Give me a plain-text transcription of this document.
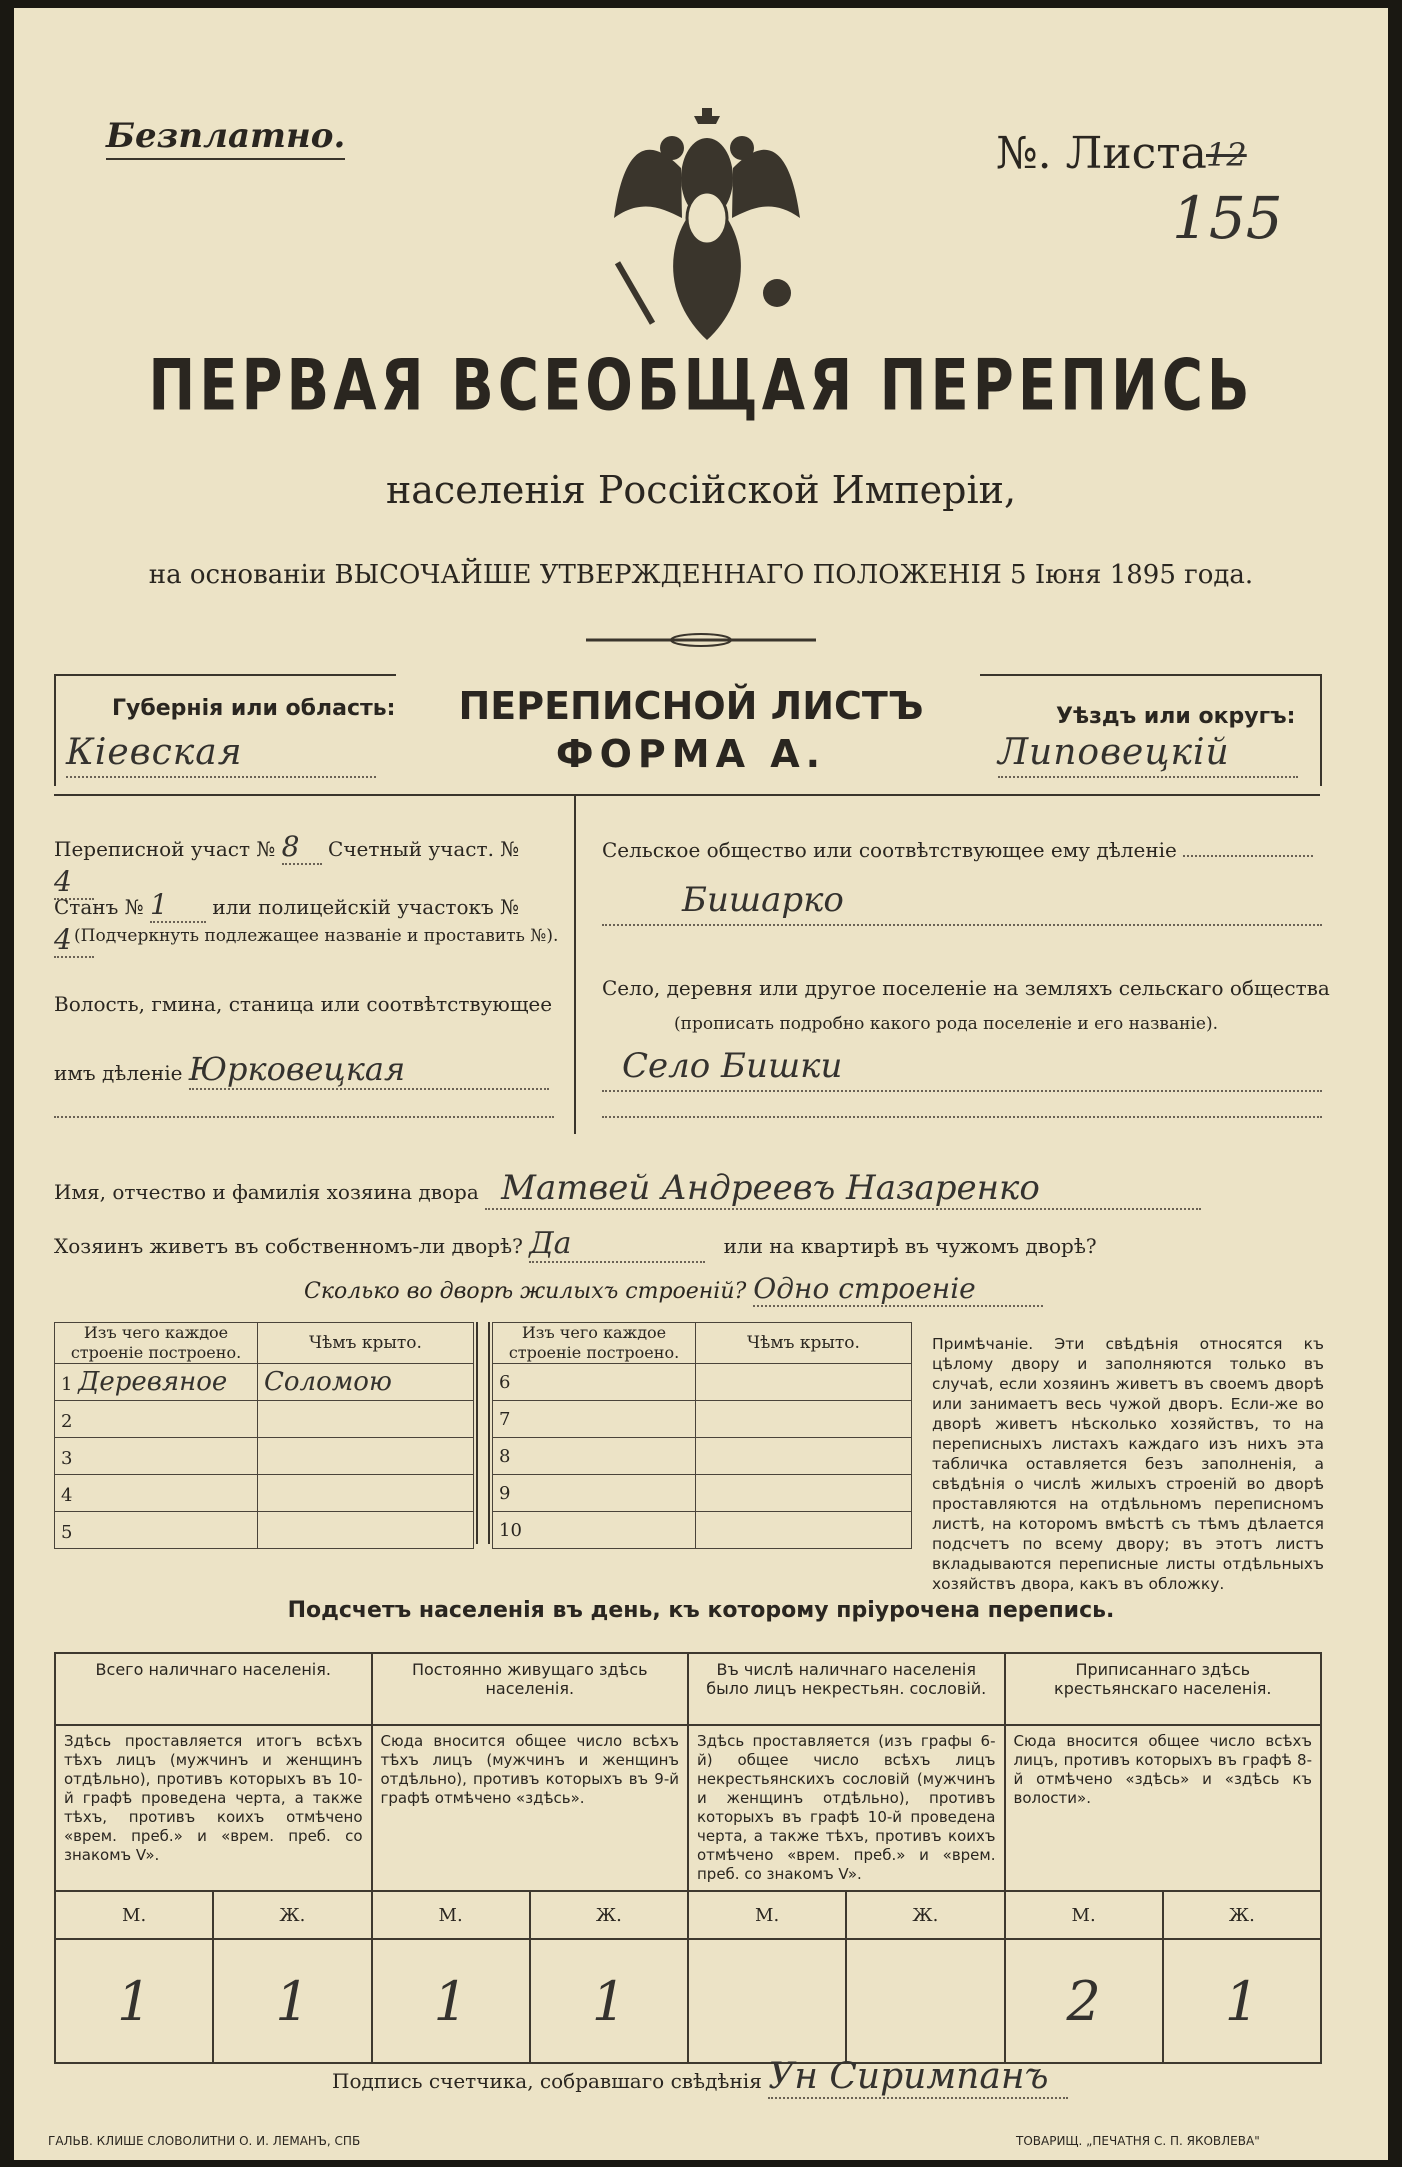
Безплатно.	№. Листа 12
155
ПЕРВАЯ ВСЕОБЩАЯ ПЕРЕПИСЬ
населенія Россійской Имперіи,
на основаніи ВЫСОЧАЙШЕ УТВЕРЖДЕННАГО ПОЛОЖЕНІЯ 5 Іюня 1895 года.
Губернія или область:
Кіевская
ПЕРЕПИСНОЙ ЛИСТЪ
ФОРМА А.
Уѣздъ или округъ:
Липовецкій
Переписной участ № 8 Счетный участ. № 4
Станъ № 1 или полицейскій участокъ № 4 (Подчеркнуть подлежащее названіе и проставить №).
Волость, гмина, станица или соотвѣтствующее
имъ дѣленіе Юрковецкая
Сельское общество или соотвѣтствующее ему дѣленіе
Бишарко
Село, деревня или другое поселеніе на земляхъ сельскаго общества
(прописать подробно какого рода поселеніе и его названіе).
Село Бишки
Имя, отчество и фамилія хозяина двора Матвей Андреевъ Назаренко
Хозяинъ живетъ въ собственномъ-ли дворѣ? Да	или на квартирѣ въ чужомъ дворѣ?
Сколько во дворѣ жилыхъ строеній? Одно строеніе
Изъ чего каждое строеніе построено.	Чѣмъ крыто.
1 Деревяное	Соломою
2	
3	
4	
5	
Изъ чего каждое строеніе построено.	Чѣмъ крыто.
6	
7	
8	
9	
10	
Примѣчаніе. Эти свѣдѣнія относятся къ цѣлому двору и заполняются только въ случаѣ, если хозяинъ живетъ въ своемъ дворѣ или занимаетъ весь чужой дворъ. Если-же во дворѣ живетъ нѣсколько хозяйствъ, то на переписныхъ листахъ каждаго изъ нихъ эта табличка оставляется безъ заполненія, а свѣдѣнія о числѣ жилыхъ строеній во дворѣ проставляются на отдѣльномъ переписномъ листѣ, на которомъ вмѣстѣ съ тѣмъ дѣлается подсчетъ по всему двору; въ этотъ листъ вкладываются переписные листы отдѣльныхъ хозяйствъ двора, какъ въ обложку.
Подсчетъ населенія въ день, къ которому пріурочена перепись.
Всего наличнаго населенія.		Постоянно живущаго здѣсь населенія.		Въ числѣ наличнаго населенія было лицъ некрестьян. сословій.		Приписаннаго здѣсь крестьянскаго населенія.	
Здѣсь проставляется итогъ всѣхъ тѣхъ лицъ (мужчинъ и женщинъ отдѣльно), противъ которыхъ въ 10-й графѣ проведена черта, а также тѣхъ, противъ коихъ отмѣчено «врем. преб.» и «врем. преб. со знакомъ V».		Сюда вносится общее число всѣхъ тѣхъ лицъ (мужчинъ и женщинъ отдѣльно), противъ которыхъ въ 9-й графѣ отмѣчено «здѣсь».		Здѣсь проставляется (изъ графы 6-й) общее число всѣхъ лицъ некрестьянскихъ сословій (мужчинъ и женщинъ отдѣльно), противъ которыхъ въ графѣ 10-й проведена черта, а также тѣхъ, противъ коихъ отмѣчено «врем. преб.» и «врем. преб. со знакомъ V».		Сюда вносится общее число всѣхъ лицъ, противъ которыхъ въ графѣ 8-й отмѣчено «здѣсь» и «здѣсь къ волости».	
М.	Ж.	М.	Ж.	М.	Ж.	М.	Ж.
1	1	1	1			2	1
Подпись счетчика, собравшаго свѣдѣнія Ун Сиримпанъ
ГАЛЬВ. КЛИШЕ СЛОВОЛИТНИ О. И. ЛЕМАНЪ, СПБ	ТОВАРИЩ. „ПЕЧАТНЯ С. П. ЯКОВЛЕВА"
